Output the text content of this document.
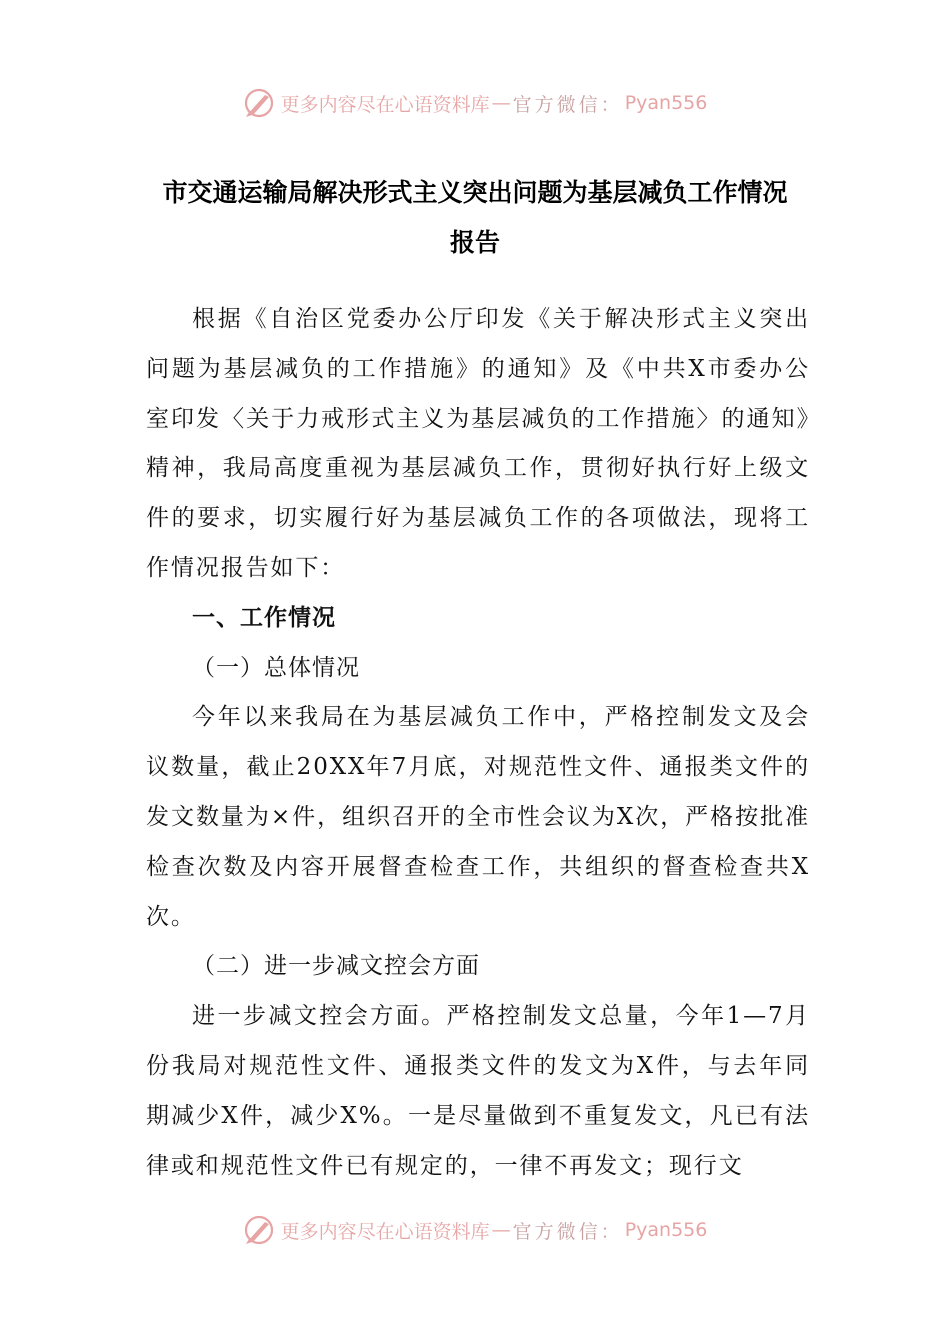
更多内容尽在心语资料库 — 官方微信： Pyan556
市交通运输局解决形式主义突出问题为基层减负工作情况
报告

根据《自治区党委办公厅印发《关于解决形式主义突出问题为基层减负的工作措施》的通知》及《中共X市委办公室印发〈关于力戒形式主义为基层减负的工作措施〉的通知》精神，我局高度重视为基层减负工作，贯彻好执行好上级文件的要求，切实履行好为基层减负工作的各项做法，现将工作情况报告如下：

一、工作情况

（一）总体情况

今年以来我局在为基层减负工作中，严格控制发文及会议数量，截止20XX年7月底，对规范性文件、通报类文件的发文数量为×件，组织召开的全市性会议为X次，严格按批准检查次数及内容开展督查检查工作，共组织的督查检查共X次。

（二）进一步减文控会方面

进一步减文控会方面。严格控制发文总量，今年1—7月份我局对规范性文件、通报类文件的发文为X件，与去年同期减少X件，减少X%。一是尽量做到不重复发文，凡已有法律或和规范性文件已有规定的，一律不再发文；现行文

更多内容尽在心语资料库 — 官方微信： Pyan556
